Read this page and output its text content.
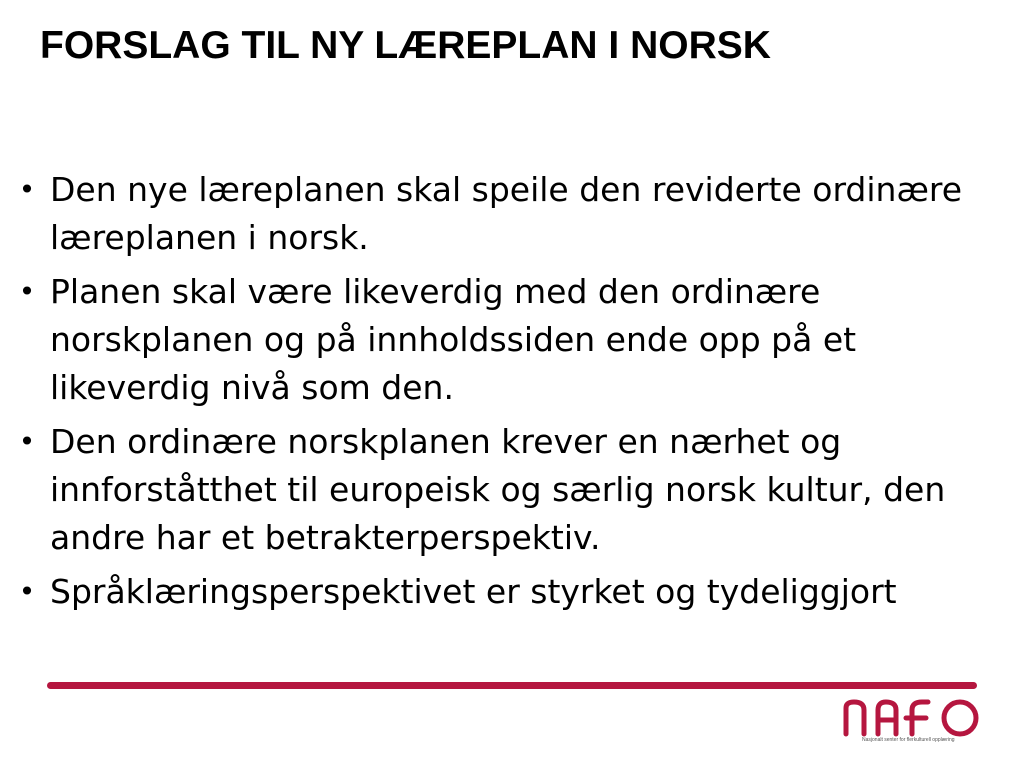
FORSLAG TIL NY LÆREPLAN I NORSK
• Den nye læreplanen skal speile den reviderte ordinære læreplanen i norsk.
• Planen skal være likeverdig med den ordinære norskplanen og på innholdssiden ende opp på et likeverdig nivå som den.
• Den ordinære norskplanen krever en nærhet og innforståtthet til europeisk og særlig norsk kultur, den andre har et betrakterperspektiv.
• Språklæringsperspektivet er styrket og tydeliggjort
Nasjonalt senter for flerkulturell opplæring
